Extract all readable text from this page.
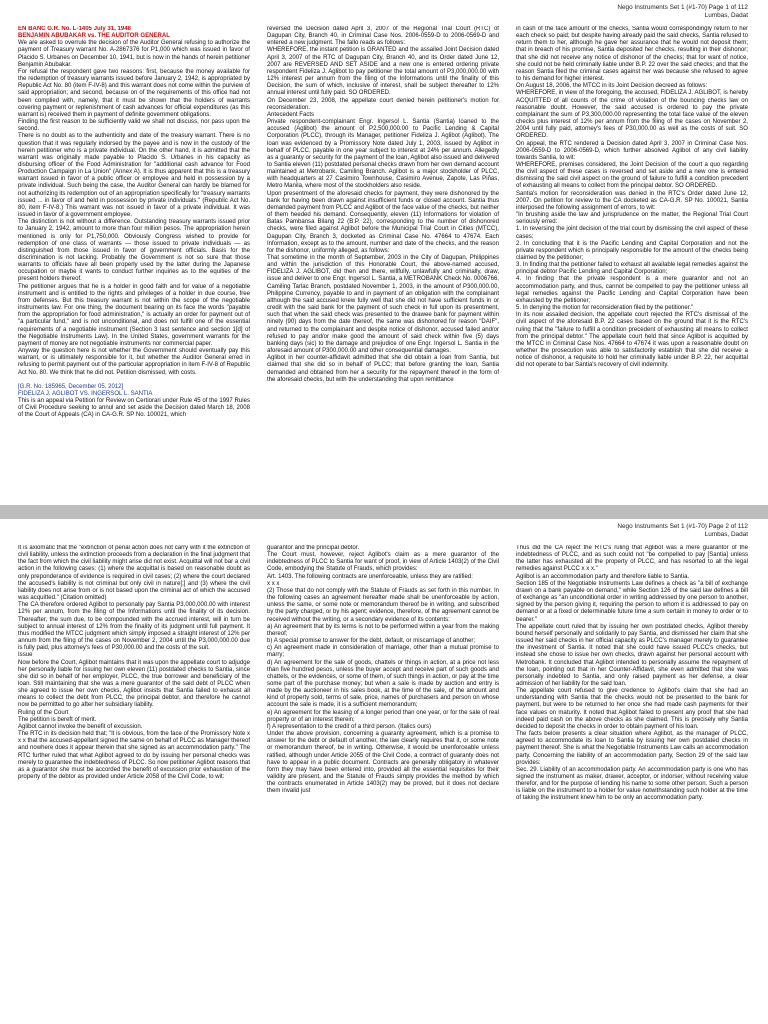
Nego Instruments Set 1 (#1-70) Page 1 of 112
Lumbas, Dadat

EN BANC G.R. No. L-1405 July 31, 1948
BENJAMIN ABUBAKAR vs. THE AUDITOR GENERAL

We are asked to overrule the decision of the Auditor General refusing to authorize the payment of Treasury warrant No. A-2867376 for P1,000 which was issued in favor of Placido S. Urbanes on December 10, 1941, but is now in the hands of herein petitioner Benjamin Abubakar.

For refusal the respondent gave two reasons: first, because the money available for the redemption of treasury warrants issued before January 2, 1942, is appropriated by Republic Act No. 80 (item F-IV-8) and this warrant does not come within the purview of said appropriation; and second, because on of the requirements of this office had not been complied with, namely, that it must be shown that the holders of warrants covering payment or replenishment of cash advances for official expenditures (as this warrant is) received them in payment of definite government obligations.

Finding the first reason to be sufficiently valid we shall not discuss, nor pass upon the second.

There is no doubt as to the authenticity and date of the treasury warrant. There is no question that it was regularly indorsed by the payee and is now in the custody of the herein petitioner who is a private individual. On the other hand, it is admitted that the warrant was originally made payable to Placido S. Urbanes in his capacity as disbursing officer of the Food Administration for "additional cash advance for Food Production Campaign in La Union" (Annex A). It is thus apparent that this is a treasury warrant issued in favor of a public officer or employee and held in possession by a private individual. Such being the case, the Auditor General can hardly be blamed for not authorizing its redemption out of an appropriation specifically for "treasury warrants issued ... in favor of and held in possession by private individuals." (Republic Act No. 80, item F-IV-8.) This warrant was not issued in favor of a private individual. It was issued in favor of a government employee.

The distinction is not without a difference. Outstanding treasury warrants issued prior to January 2, 1942, amount to more than four million pesos. The appropriation herein mentioned is only for P1,750,000. Obviously Congress wished to provide for redemption of one class of warrants — those issued to private individuals — as distinguished from those issued in favor of government officials. Basis for the discrimination is not lacking. Probably the Government is not so sure that those warrants to officials have all been properly used by the latter during the Japanese occupation or maybe it wants to conduct further inquiries as to the equities of the present holders thereof.

The petitioner argues that he is a holder in good faith and for value of a negotiable instrument and is entitled to the rights and privileges of a holder in due course, free from defenses. But this treasury warrant is not within the scope of the negotiable instruments law. For one thing, the document bearing on its face the words "payable from the appropriation for food administration," is actually an order for payment out of "a particular fund," and is not unconditional, and does not fulfill one of the essential requirements of a negotiable instrument (Section 3 last sentence and section 1[d] of the Negotiable Instruments Law). In the United States, government warrants for the payment of money are not negotiable instruments nor commercial paper.

Anyway the question here is not whether the Government should eventually pay this warrant, or is ultimately responsible for it, but whether the Auditor General erred in refusing to permit payment out of the particular appropriation in item F-IV-8 of Republic Act No. 80. We think that he did not. Petition dismissed, with costs.

[G.R. No. 185965, December 05, 2012]
FIDELIZA J. AGLIBOT VS. INGERSOL L. SANTIA

This is an appeal via Petition for Review on Certiorari under Rule 45 of the 1997 Rules of Civil Procedure seeking to annul and set aside the Decision dated March 18, 2008 of the Court of Appeals (CA) in CA-G.R. SP No. 100021, which

reversed the Decision dated April 3, 2007 of the Regional Trial Court (RTC) of Dagupan City, Branch 40, in Criminal Case Nos. 2006-0559-D to 2006-0569-D and entered a new judgment. The fallo reads as follows:

WHEREFORE, the instant petition is GRANTED and the assailed Joint Decision dated April 3, 2007 of the RTC of Dagupan City, Branch 40, and its Order dated June 12, 2007 are REVERSED AND SET ASIDE and a new one is entered ordering private respondent Fideliza J. Aglibot to pay petitioner the total amount of P3,000,000.00 with 12% interest per annum from the filing of the Informations until the finality of this Decision, the sum of which, inclusive of interest, shall be subject thereafter to 12% annual interest until fully paid. SO ORDERED.

On December 23, 2008, the appellate court denied herein petitioner's motion for reconsideration.

Antecedent Facts

Private respondent-complainant Engr. Ingersol L. Santia (Santia) loaned to the accused (Aglibot) the amount of P2,500,000.00 to Pacific Lending & Capital Corporation (PLCC), through its Manager, petitioner Fideliza J. Aglibot (Aglibot). The loan was evidenced by a Promissory Note dated July 1, 2003, issued by Aglibot in behalf of PLCC, payable in one year subject to interest at 24% per annum. Allegedly as a guaranty or security for the payment of the loan, Aglibot also issued and delivered to Santia eleven (11) postdated personal checks drawn from her own demand account maintained at Metrobank, Camiling Branch. Aglibot is a major stockholder of PLCC, with headquarters at 27 Casimiro Townhouse, Casimiro Avenue, Zapote, Las Piñas, Metro Manila, where most of the stockholders also reside.

Upon presentment of the aforesaid checks for payment, they were dishonored by the bank for having been drawn against insufficient funds or closed account. Santia thus demanded payment from PLCC and Aglibot of the face value of the checks, but neither of them heeded his demand. Consequently, eleven (11) Informations for violation of Batas Pambansa Bilang 22 (B.P. 22), corresponding to the number of dishonored checks, were filed against Aglibot before the Municipal Trial Court in Cities (MTCC), Dagupan City, Branch 3, docketed as Criminal Case No. 47664 to 47674. Each Information, except as to the amount, number and date of the checks, and the reason for the dishonor, uniformly alleged, as follows:

That sometime in the month of September, 2003 in the City of Dagupan, Philippines and within the jurisdiction of this Honorable Court, the above-named accused, FIDELIZA J. AGLIBOT, did then and there, willfully, unlawfully and criminally, draw, issue and deliver to one Engr. Ingersol L. Santia, a METROBANK Check No. 0006766, Camiling Tarlac Branch, postdated November 1, 2003, in the amount of P300,000.00, Philippine Currency, payable to and in payment of an obligation with the complainant although the said accused knew fully well that she did not have sufficient funds in or credit with the said bank for the payment of such check in full upon its presentment, such that when the said check was presented to the drawee bank for payment within ninety (90) days from the date thereof, the same was dishonored for reason "DAIF", and returned to the complainant and despite notice of dishonor, accused failed and/or refused to pay and/or make good the amount of said check within five (5) days banking days (sic) to the damage and prejudice of one Engr. Ingersol L. Santia in the aforesaid amount of P300,000.00 and other consequential damages.

Aglibot in her counter-affidavit admitted that she did obtain a loan from Santia, but claimed that she did so in behalf of PLCC; that before granting the loan, Santia demanded and obtained from her a security for the repayment thereof in the form of the aforesaid checks, but with the understanding that upon remittance

in cash of the face amount of the checks, Santia would correspondingly return to her each check so paid; but despite having already paid the said checks, Santia refused to return them to her, although he gave her assurance that he would not deposit them; that in breach of his promise, Santia deposited her checks, resulting in their dishonor; that she did not receive any notice of dishonor of the checks; that for want of notice, she could not be held criminally liable under B.P. 22 over the said checks; and that the reason Santia filed the criminal cases against her was because she refused to agree to his demand for higher interest.

On August 18, 2006, the MTCC in its Joint Decision decreed as follows:

WHEREFORE, in view of the foregoing, the accused, FIDELIZA J. AGLIBOT, is hereby ACQUITTED of all counts of the crime of violation of the bouncing checks law on reasonable doubt. However, the said accused is ordered to pay the private complainant the sum of P3,300,000.00 representing the total face value of the eleven checks plus interest of 12% per annum from the filing of the cases on November 2, 2004 until fully paid, attorney's fees of P30,000.00 as well as the costs of suit. SO ORDERED.

On appeal, the RTC rendered a Decision dated April 3, 2007 in Criminal Case Nos. 2006-0559-D to 2006-0569-D, which further absolved Aglibot of any civil liability towards Santia, to wit:

WHEREFORE, premises considered, the Joint Decision of the court a quo regarding the civil aspect of these cases is reversed and set aside and a new one is entered dismissing the said civil aspect on the ground of failure to fulfill a condition precedent of exhausting all means to collect from the principal debtor. SO ORDERED.

Santia's motion for reconsideration was denied in the RTC's Order dated June 12, 2007. On petition for review to the CA docketed as CA-G.R. SP No. 100021, Santia interposed the following assignment of errors, to wit:

"In brushing aside the law and jurisprudence on the matter, the Regional Trial Court seriously erred:

1. In reversing the joint decision of the trial court by dismissing the civil aspect of these cases;
2. In concluding that it is the Pacific Lending and Capital Corporation and not the private respondent which is principally responsible for the amount of the checks being claimed by the petitioner;
3. In finding that the petitioner failed to exhaust all available legal remedies against the principal debtor Pacific Lending and Capital Corporation;
4. In finding that the private respondent is a mere guarantor and not an accommodation party, and thus, cannot be compelled to pay the petitioner unless all legal remedies against the Pacific Lending and Capital Corporation have been exhausted by the petitioner;
5. In denying the motion for reconsideration filed by the petitioner."

In its now assailed decision, the appellate court rejected the RTC's dismissal of the civil aspect of the aforesaid B.P. 22 cases based on the ground that it is the RTC's ruling that the "failure to fulfill a condition precedent of exhausting all means to collect from the principal debtor." The appellate court held that since Aglibot is acquitted by the MTCC in Criminal Case Nos. 47664 to 47674 it was upon a reasonable doubt on whether the prosecution was able to satisfactorily establish that she did receive a notice of dishonor, a requisite to hold her criminally liable under B.P. 22, her acquittal did not operate to bar Santia's recovery of civil indemnity.

Nego Instruments Set 1 (#1-70) Page 2 of 112
Lumbas, Dadat

It is axiomatic that the "extinction of penal action does not carry with it the extinction of civil liability, unless the extinction proceeds from a declaration in the final judgment that the fact from which the civil liability might arise did not exist. Acquittal will not bar a civil action in the following cases: (1) where the acquittal is based on reasonable doubt as only preponderance of evidence is required in civil cases; (2) where the court declared the accused's liability is not criminal but only civil in nature[;] and (3) where the civil liability does not arise from or is not based upon the criminal act of which the accused was acquitted." (Citation omitted)

The CA therefore ordered Aglibot to personally pay Santia P3,000,000.00 with interest 12% per annum, from the filing of the Informations until the finality of its decision. Thereafter, the sum due, to be compounded with the accrued interest, will in turn be subject to annual interest of 12% from the finality of its judgment until full payment. It thus modified the MTCC judgment which simply imposed a straight interest of 12% per annum from the filing of the cases on November 2, 2004 until the P3,000,000.00 due is fully paid, plus attorney's fees of P30,000.00 and the costs of the suit.

Issue

Now before the Court, Aglibot maintains that it was upon the appellate court to adjudge her personally liable for issuing her own eleven (11) postdated checks to Santia, since she did so in behalf of her employer, PLCC, the true borrower and beneficiary of the loan. Still maintaining that she was a mere guarantor of the said debt of PLCC when she agreed to issue her own checks, Aglibot insists that Santia failed to exhaust all means to collect the debt from PLCC, the principal debtor, and therefore he cannot now be permitted to go after her subsidiary liability.

Ruling of the Court

The petition is bereft of merit.

Aglibot cannot invoke the benefit of excussion.

The RTC in its decision held that; "It is obvious, from the face of the Promissory Note x x x that the accused-appellant signed the same on behalf of PLCC as Manager thereof and nowhere does it appear therein that she signed as an accommodation party." The RTC further ruled that what Aglibot agreed to do by issuing her personal checks was merely to guarantee the indebtedness of PLCC. So now petitioner Aglibot reasons that as a guarantor she must be accorded the benefit of excussion prior exhaustion of the property of the debtor as provided under Article 2058 of the Civil Code, to wit:

guarantor and the principal debtor.

The Court must, however, reject Aglibot's claim as a mere guarantor of the indebtedness of PLCC to Santia for want of proof, in view of Article 1403(2) of the Civil Code, embodying the Statute of Frauds, which provides:

Art. 1403. The following contracts are unenforceable, unless they are ratified:

x x x

(2) Those that do not comply with the Statute of Frauds as set forth in this number. In the following cases an agreement hereafter made shall be unenforceable by action, unless the same, or some note or memorandum thereof be in writing, and subscribed by the party charged, or by his agent; evidence, therefore, of the agreement cannot be received without the writing, or a secondary evidence of its contents:

a) An agreement that by its terms is not to be performed within a year from the making thereof;
b) A special promise to answer for the debt, default, or miscarriage of another;
c) An agreement made in consideration of marriage, other than a mutual promise to marry;
d) An agreement for the sale of goods, chattels or things in action, at a price not less than five hundred pesos, unless the buyer accept and receive part of such goods and chattels, or the evidences, or some of them, of such things in action, or pay at the time some part of the purchase money; but when a sale is made by auction and entry is made by the auctioneer in his sales book, at the time of the sale, of the amount and kind of property sold, terms of sale, price, names of purchasers and person on whose account the sale is made, it is a sufficient memorandum;
e) An agreement for the leasing of a longer period than one year, or for the sale of real property or of an interest therein;
f) A representation to the credit of a third person. (Italics ours)

Under the above provision, concerning a guaranty agreement, which is a promise to answer for the debt or default of another, the law clearly requires that it, or some note or memorandum thereof, be in writing. Otherwise, it would be unenforceable unless ratified, although under Article 2055 of the Civil Code, a contract of guaranty does not have to appear in a public document. Contracts are generally obligatory in whatever form they may have been entered into, provided all the essential requisites for their validity are present, and the Statute of Frauds simply provides the method by which the contracts enumerated in Article 1403(2) may be proved, but it does not declare them invalid just

Thus did the CA reject the RTC's ruling that Aglibot was a mere guarantor of the indebtedness of PLCC, and as such could not "be compelled to pay [Santia] unless the latter has exhausted all the property of PLCC, and has resorted to all the legal remedies against PLCC x x x."

Aglibot is an accommodation party and therefore liable to Santia.

Section 185 of the Negotiable Instruments Law defines a check as "a bill of exchange drawn on a bank payable on demand," while Section 126 of the said law defines a bill of exchange as "an unconditional order in writing addressed by one person to another, signed by the person giving it, requiring the person to whom it is addressed to pay on demand or at a fixed or determinable future time a sum certain in money to order or to bearer."

The appellate court ruled that by issuing her own postdated checks, Aglibot thereby bound herself personally and solidarily to pay Santia, and dismissed her claim that she issued her said checks in her official capacity as PLCC's manager merely to guarantee the investment of Santia. It noted that she could have issued PLCC's checks, but instead she chose to issue her own checks, drawn against her personal account with Metrobank. It concluded that Aglibot intended to personally assume the repayment of the loan, pointing out that in her Counter-Affidavit, she even admitted that she was personally indebted to Santia, and only raised payment as her defense, a clear admission of her liability for the said loan.

The appellate court refused to give credence to Aglibot's claim that she had an understanding with Santia that the checks would not be presented to the bank for payment, but were to be returned to her once she had made cash payments for their face values on maturity. It noted that Aglibot failed to present any proof that she had indeed paid cash on the above checks as she claimed. This is precisely why Santia decided to deposit the checks in order to obtain payment of his loan.

The facts below presents a clear situation where Aglibot, as the manager of PLCC, agreed to accommodate its loan to Santia by issuing her own postdated checks in payment thereof. She is what the Negotiable Instruments Law calls an accommodation party. Concerning the liability of an accommodation party, Section 29 of the said law provides:

Sec. 29. Liability of an accommodation party. An accommodation party is one who has signed the instrument as maker, drawer, acceptor, or indorser, without receiving value therefor, and for the purpose of lending his name to some other person. Such a person is liable on the instrument to a holder for value notwithstanding such holder at the time of taking the instrument knew him to be only an accommodation party.
